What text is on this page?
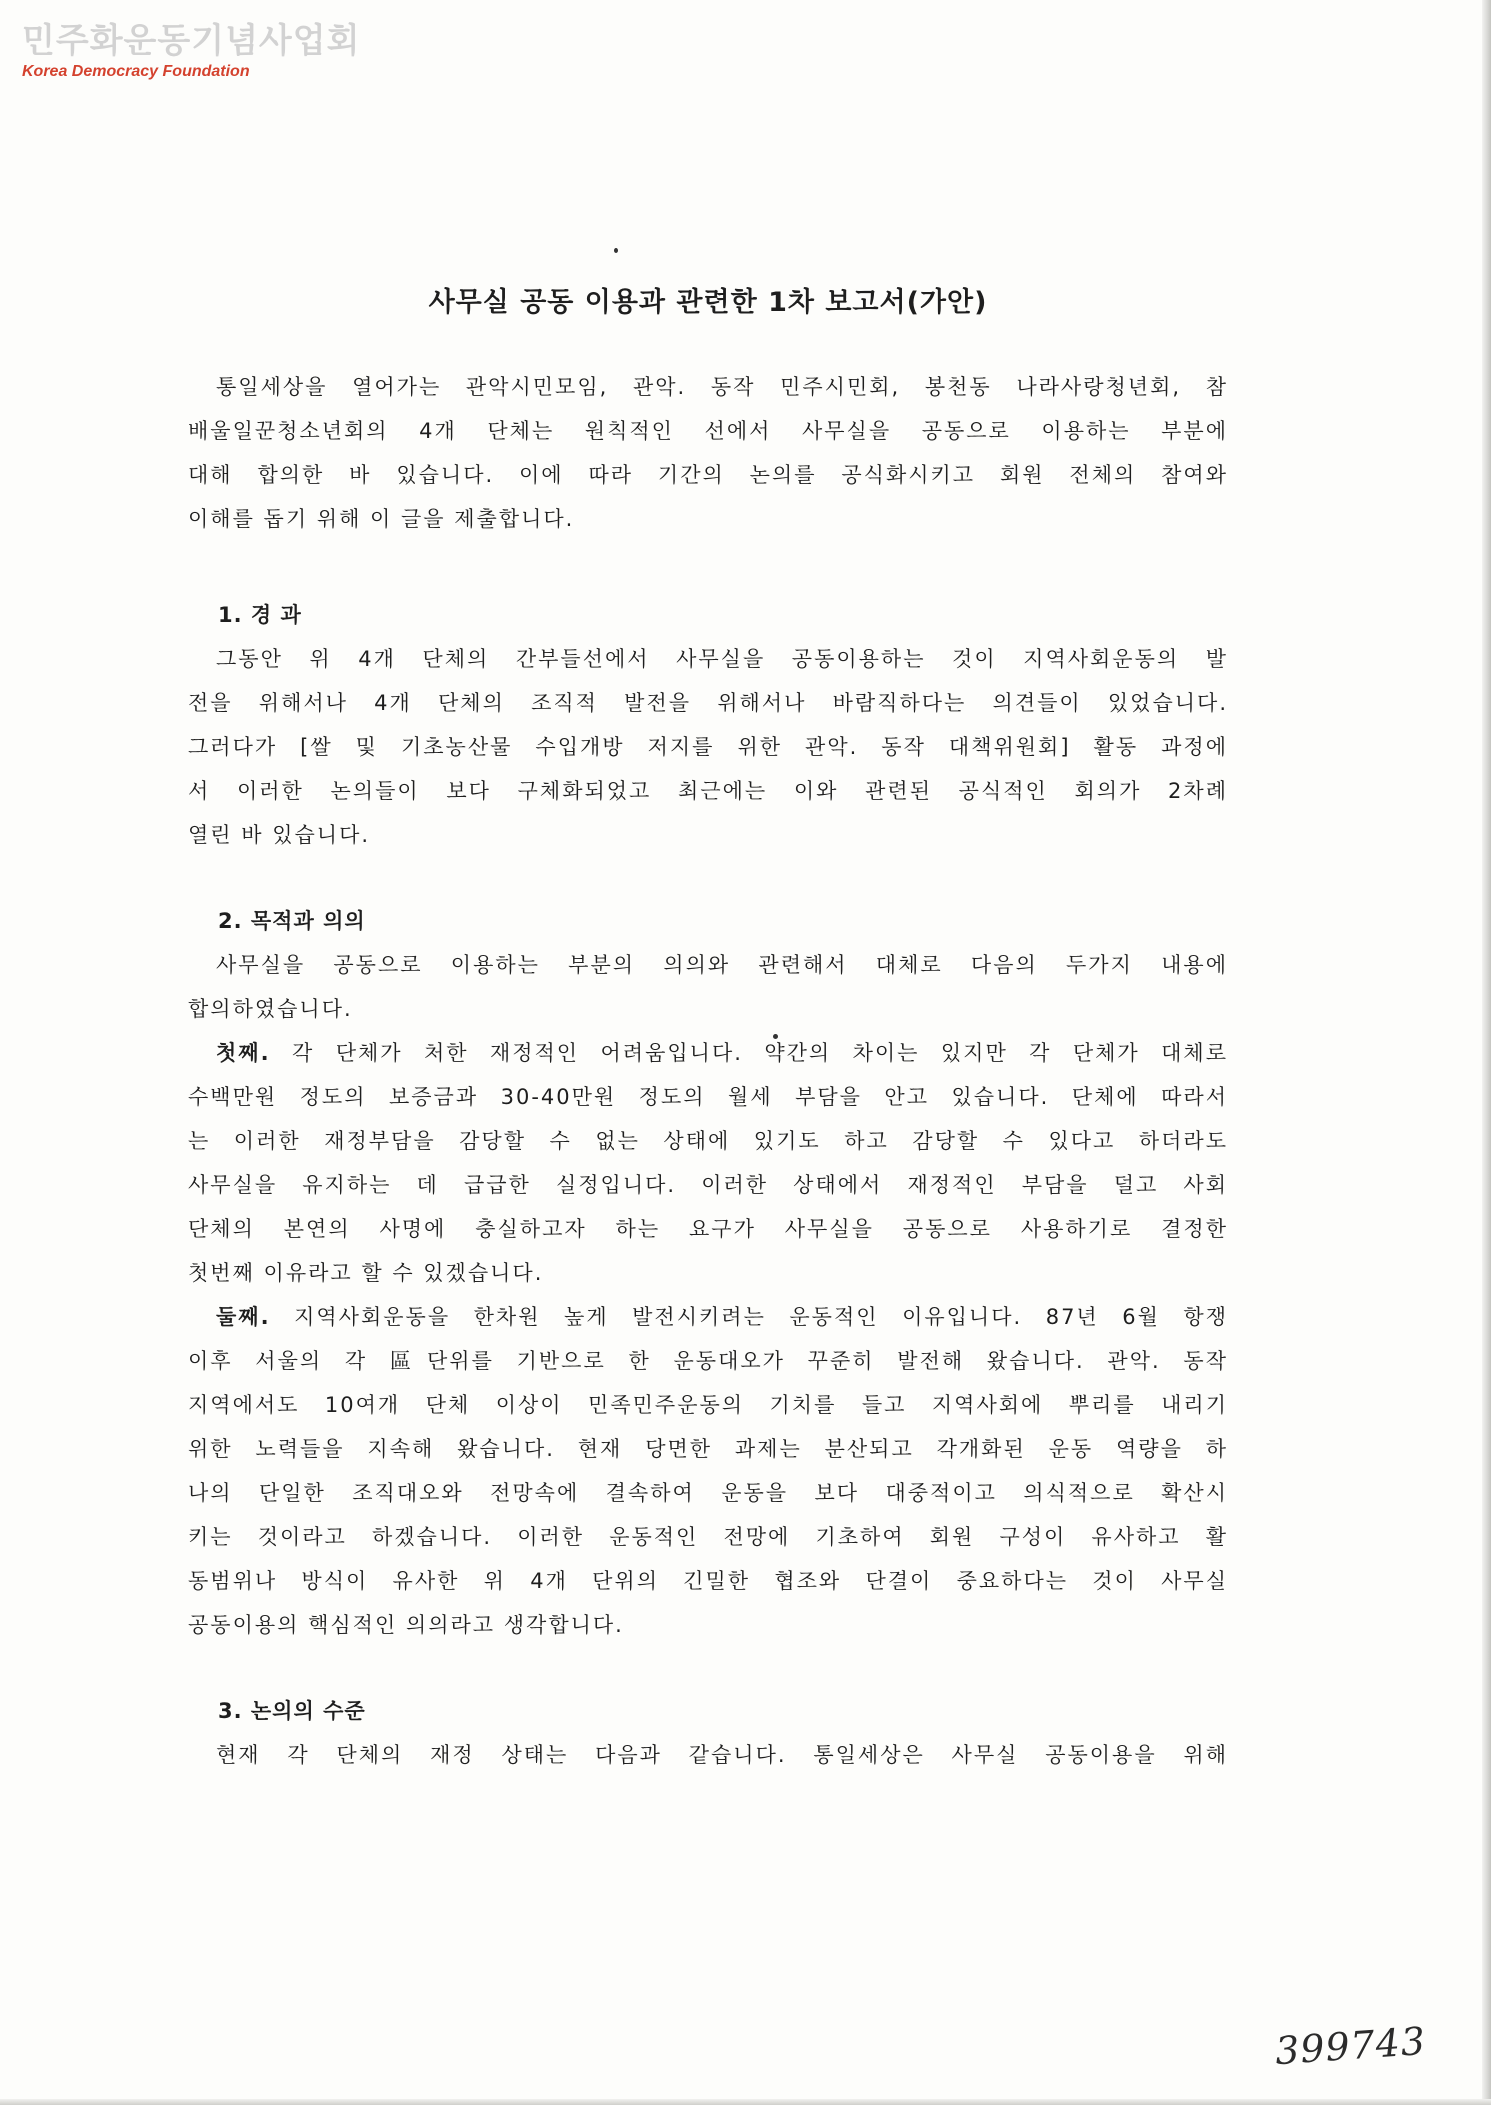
민주화운동기념사업회
Korea Democracy Foundation
사무실 공동 이용과 관련한 1차 보고서(가안)

통일세상을 열어가는 관악시민모임, 관악. 동작 민주시민회, 봉천동 나라사랑청년회, 참

배울일꾼청소년회의 4개 단체는 원칙적인 선에서 사무실을 공동으로 이용하는 부분에

대해 합의한 바 있습니다. 이에 따라 기간의 논의를 공식화시키고 회원 전체의 참여와

이해를 돕기 위해 이 글을 제출합니다.

1. 경 과

그동안 위 4개 단체의 간부들선에서 사무실을 공동이용하는 것이 지역사회운동의 발

전을 위해서나 4개 단체의 조직적 발전을 위해서나 바람직하다는 의견들이 있었습니다.

그러다가 [쌀 및 기초농산물 수입개방 저지를 위한 관악. 동작 대책위원회] 활동 과정에

서 이러한 논의들이 보다 구체화되었고 최근에는 이와 관련된 공식적인 회의가 2차례

열린 바 있습니다.

2. 목적과 의의

사무실을 공동으로 이용하는 부분의 의의와 관련해서 대체로 다음의 두가지 내용에

합의하였습니다.

첫째. 각 단체가 처한 재정적인 어려움입니다. 약간의 차이는 있지만 각 단체가 대체로

수백만원 정도의 보증금과 30-40만원 정도의 월세 부담을 안고 있습니다. 단체에 따라서

는 이러한 재정부담을 감당할 수 없는 상태에 있기도 하고 감당할 수 있다고 하더라도

사무실을 유지하는 데 급급한 실정입니다. 이러한 상태에서 재정적인 부담을 덜고 사회

단체의 본연의 사명에 충실하고자 하는 요구가 사무실을 공동으로 사용하기로 결정한

첫번째 이유라고 할 수 있겠습니다.

둘째. 지역사회운동을 한차원 높게 발전시키려는 운동적인 이유입니다. 87년 6월 항쟁

이후 서울의 각 區단위를 기반으로 한 운동대오가 꾸준히 발전해 왔습니다. 관악. 동작

지역에서도 10여개 단체 이상이 민족민주운동의 기치를 들고 지역사회에 뿌리를 내리기

위한 노력들을 지속해 왔습니다. 현재 당면한 과제는 분산되고 각개화된 운동 역량을 하

나의 단일한 조직대오와 전망속에 결속하여 운동을 보다 대중적이고 의식적으로 확산시

키는 것이라고 하겠습니다. 이러한 운동적인 전망에 기초하여 회원 구성이 유사하고 활

동범위나 방식이 유사한 위 4개 단위의 긴밀한 협조와 단결이 중요하다는 것이 사무실

공동이용의 핵심적인 의의라고 생각합니다.

3. 논의의 수준

현재 각 단체의 재정 상태는 다음과 같습니다. 통일세상은 사무실 공동이용을 위해

399743
